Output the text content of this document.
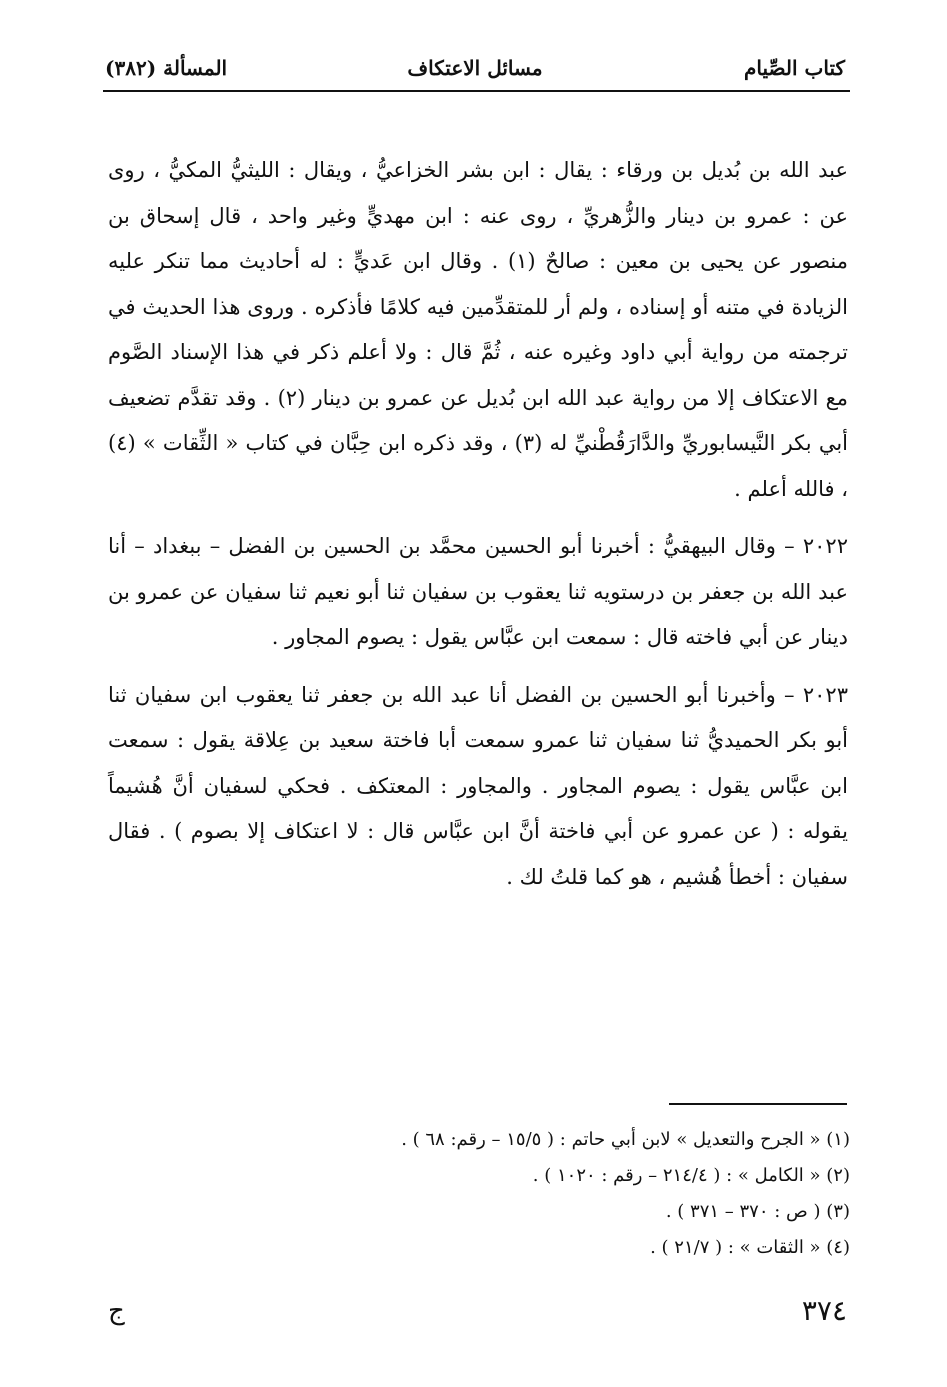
كتاب الصِّيام
مسائل الاعتكاف
المسألة (٣٨٢)

عبد الله بن بُديل بن ورقاء : يقال : ابن بشر الخزاعيُّ ، ويقال : الليثيُّ المكيُّ ، روى عن : عمرو بن دينار والزُّهريِّ ، روى عنه : ابن مهديٍّ وغير واحد ، قال إسحاق بن منصور عن يحيى بن معين : صالحٌ (١) . وقال ابن عَديٍّ : له أحاديث مما تنكر عليه الزيادة في متنه أو إسناده ، ولم أر للمتقدِّمين فيه كلامًا فأذكره . وروى هذا الحديث في ترجمته من رواية أبي داود وغيره عنه ، ثُمَّ قال : ولا أعلم ذكر في هذا الإسناد الصَّوم مع الاعتكاف إلا من رواية عبد الله ابن بُديل عن عمرو بن دينار (٢) . وقد تقدَّم تضعيف أبي بكر النَّيسابوريِّ والدَّارَقُطْنيِّ له (٣) ، وقد ذكره ابن حِبَّان في كتاب « الثِّقات » (٤) ، فالله أعلم .

٢٠٢٢ – وقال البيهقيُّ : أخبرنا أبو الحسين محمَّد بن الحسين بن الفضل – ببغداد – أنا عبد الله بن جعفر بن درستويه ثنا يعقوب بن سفيان ثنا أبو نعيم ثنا سفيان عن عمرو بن دينار عن أبي فاخته قال : سمعت ابن عبَّاس يقول : يصوم المجاور .

٢٠٢٣ – وأخبرنا أبو الحسين بن الفضل أنا عبد الله بن جعفر ثنا يعقوب ابن سفيان ثنا أبو بكر الحميديُّ ثنا سفيان ثنا عمرو سمعت أبا فاختة سعيد بن عِلاقة يقول : سمعت ابن عبَّاس يقول : يصوم المجاور . والمجاور : المعتكف . فحكي لسفيان أنَّ هُشيماً يقوله : ( عن عمرو عن أبي فاختة أنَّ ابن عبَّاس قال : لا اعتكاف إلا بصوم ) . فقال سفيان : أخطأ هُشيم ، هو كما قلتُ لك .

(١) « الجرح والتعديل » لابن أبي حاتم : ( ١٥/٥ – رقم: ٦٨ ) .

(٢) « الكامل » : ( ٢١٤/٤ – رقم : ١٠٢٠ ) .

(٣) ( ص : ٣٧٠ – ٣٧١ ) .

(٤) « الثقات » : ( ٢١/٧ ) .

٣٧٤
ج
